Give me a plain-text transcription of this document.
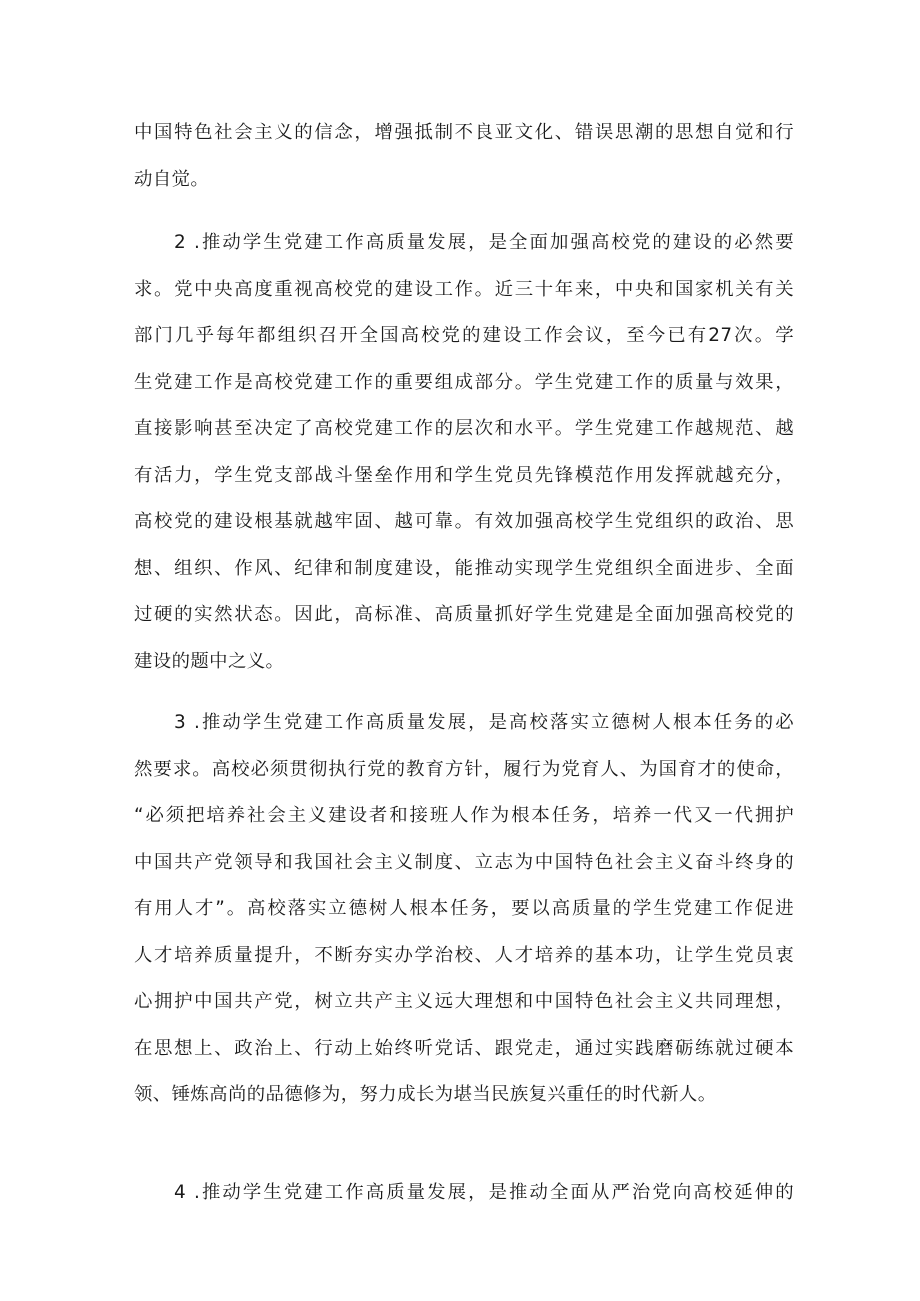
中国特色社会主义的信念，增强抵制不良亚文化、错误思潮的思想自觉和行
动自觉。
2 .推动学生党建工作高质量发展，是全面加强高校党的建设的必然要
求。党中央高度重视高校党的建设工作。近三十年来，中央和国家机关有关
部门几乎每年都组织召开全国高校党的建设工作会议，至今已有27次。学
生党建工作是高校党建工作的重要组成部分。学生党建工作的质量与效果，
直接影响甚至决定了高校党建工作的层次和水平。学生党建工作越规范、越
有活力，学生党支部战斗堡垒作用和学生党员先锋模范作用发挥就越充分，
高校党的建设根基就越牢固、越可靠。有效加强高校学生党组织的政治、思
想、组织、作风、纪律和制度建设，能推动实现学生党组织全面进步、全面
过硬的实然状态。因此，高标准、高质量抓好学生党建是全面加强高校党的
建设的题中之义。
3 .推动学生党建工作高质量发展，是高校落实立德树人根本任务的必
然要求。高校必须贯彻执行党的教育方针，履行为党育人、为国育才的使命，
“必须把培养社会主义建设者和接班人作为根本任务，培养一代又一代拥护
中国共产党领导和我国社会主义制度、立志为中国特色社会主义奋斗终身的
有用人才”。高校落实立德树人根本任务，要以高质量的学生党建工作促进
人才培养质量提升，不断夯实办学治校、人才培养的基本功，让学生党员衷
心拥护中国共产党，树立共产主义远大理想和中国特色社会主义共同理想，
在思想上、政治上、行动上始终听党话、跟党走，通过实践磨砺练就过硬本
领、锤炼高尚的品德修为，努力成长为堪当民族复兴重任的时代新人。
4 .推动学生党建工作高质量发展，是推动全面从严治党向高校延伸的
